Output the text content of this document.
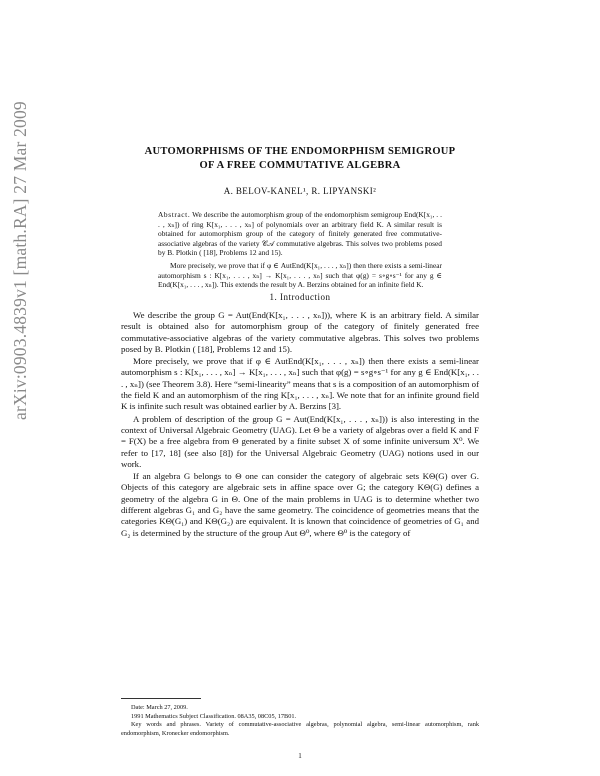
arXiv:0903.4839v1 [math.RA] 27 Mar 2009	AUTOMORPHISMS OF THE ENDOMORPHISM SEMIGROUP
OF A FREE COMMUTATIVE ALGEBRA
A. BELOV-KANEL¹, R. LIPYANSKI²

Abstract. We describe the automorphism group of the endomorphism semigroup End(K[x₁, . . . , xₙ]) of ring K[x₁, . . . , xₙ] of polynomials over an arbitrary field K. A similar result is obtained for automorphism group of the category of finitely generated free commutative-associative algebras of the variety 𝒞𝒜 commutative algebras. This solves two problems posed by B. Plotkin ( [18], Problems 12 and 15).

More precisely, we prove that if φ ∈ AutEnd(K[x₁, . . . , xₙ]) then there exists a semi-linear automorphism s : K[x₁, . . . , xₙ] → K[x₁, . . . , xₙ] such that φ(g) = s∘g∘s⁻¹ for any g ∈ End(K[x₁, . . . , xₙ]). This extends the result by A. Berzins obtained for an infinite field K.

1. Introduction

We describe the group G = Aut(End(K[x₁, . . . , xₙ])), where K is an arbitrary field. A similar result is obtained also for automorphism group of the category of finitely generated free commutative-associative algebras of the variety commutative algebras. This solves two problems posed by B. Plotkin ( [18], Problems 12 and 15).

More precisely, we prove that if φ ∈ AutEnd(K[x₁, . . . , xₙ]) then there exists a semi-linear automorphism s : K[x₁, . . . , xₙ] → K[x₁, . . . , xₙ] such that φ(g) = s∘g∘s⁻¹ for any g ∈ End(K[x₁, . . . , xₙ]) (see Theorem 3.8). Here “semi-linearity” means that s is a composition of an automorphism of the field K and an automorphism of the ring K[x₁, . . . , xₙ]. We note that for an infinite ground field K is infinite such result was obtained earlier by A. Berzins [3].

A problem of description of the group G = Aut(End(K[x₁, . . . , xₙ])) is also interesting in the context of Universal Algebraic Geometry (UAG). Let Θ be a variety of algebras over a field K and F = F(X) be a free algebra from Θ generated by a finite subset X of some infinite universum X⁰. We refer to [17, 18] (see also [8]) for the Universal Algebraic Geometry (UAG) notions used in our work.

If an algebra G belongs to Θ one can consider the category of algebraic sets KΘ(G) over G. Objects of this category are algebraic sets in affine space over G; the category KΘ(G) defines a geometry of the algebra G in Θ. One of the main problems in UAG is to determine whether two different algebras G₁ and G₂ have the same geometry. The coincidence of geometries means that the categories KΘ(G₁) and KΘ(G₂) are equivalent. It is known that coincidence of geometries of G₁ and G₂ is determined by the structure of the group Aut Θ⁰, where Θ⁰ is the category of

Date: March 27, 2009.

1991 Mathematics Subject Classification. 08A35, 08C05, 17B01.

Key words and phrases. Variety of commutative-associative algebras, polynomial algebra, semi-linear automorphism, rank endomorphism, Kronecker endomorphism.

1
